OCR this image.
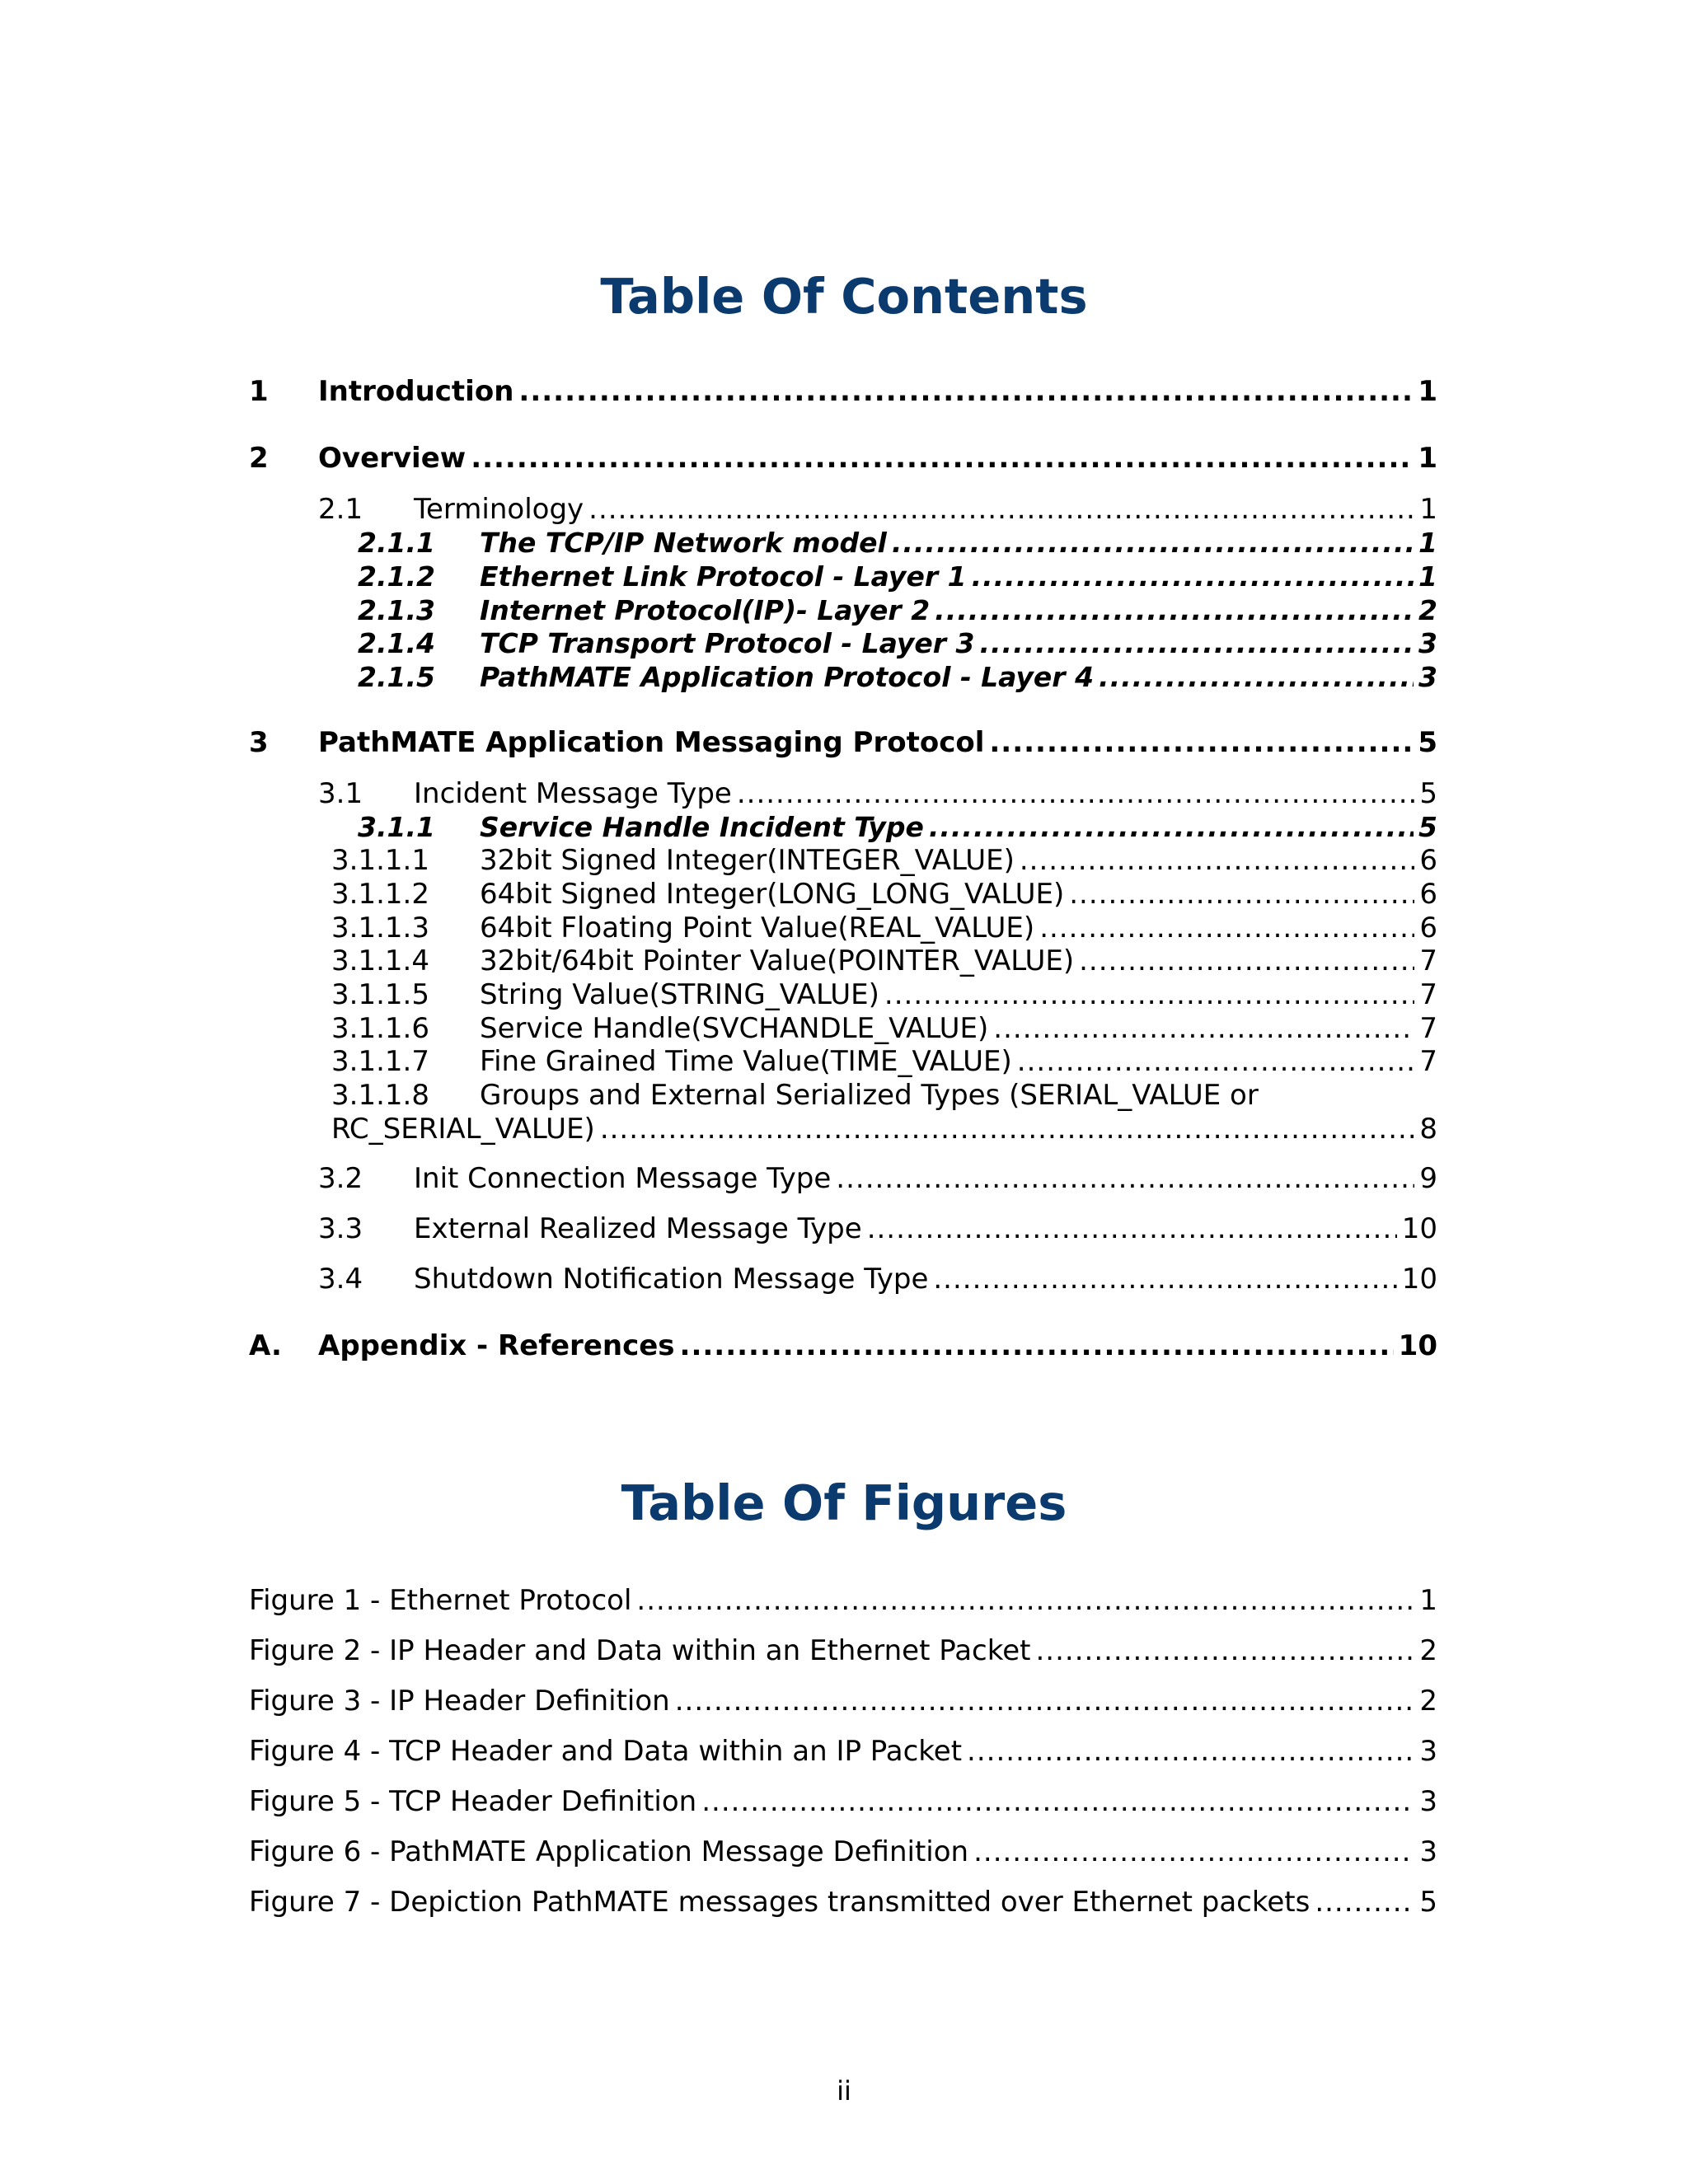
Table Of Contents
1	Introduction .....	1
2	Overview .....	1
2.1	Terminology .....	1
2.1.1	The TCP/IP Network model .....	1
2.1.2	Ethernet Link Protocol - Layer 1 .....	1
2.1.3	Internet Protocol(IP)- Layer 2 .....	2
2.1.4	TCP Transport Protocol - Layer 3 .....	3
2.1.5	PathMATE Application Protocol - Layer 4 .....	3
3	PathMATE Application Messaging Protocol .....	5
3.1	Incident Message Type .....	5
3.1.1	Service Handle Incident Type .....	5
3.1.1.1	32bit Signed Integer(INTEGER_VALUE) .....	6
3.1.1.2	64bit Signed Integer(LONG_LONG_VALUE) .....	6
3.1.1.3	64bit Floating Point Value(REAL_VALUE) .....	6
3.1.1.4	32bit/64bit Pointer Value(POINTER_VALUE) .....	7
3.1.1.5	String Value(STRING_VALUE) .....	7
3.1.1.6	Service Handle(SVCHANDLE_VALUE) .....	7
3.1.1.7	Fine Grained Time Value(TIME_VALUE) .....	7
3.1.1.8	Groups and External Serialized Types (SERIAL_VALUE or
RC_SERIAL_VALUE) .....	8
3.2	Init Connection Message Type .....	9
3.3	External Realized Message Type .....	10
3.4	Shutdown Notification Message Type .....	10
A.	Appendix - References .....	10
Table Of Figures
Figure 1 - Ethernet Protocol .....	1
Figure 2 - IP Header and Data within an Ethernet Packet .....	2
Figure 3 - IP Header Definition .....	2
Figure 4 - TCP Header and Data within an IP Packet .....	3
Figure 5 - TCP Header Definition .....	3
Figure 6 - PathMATE Application Message Definition .....	3
Figure 7 - Depiction PathMATE messages transmitted over Ethernet packets .....	5
ii
